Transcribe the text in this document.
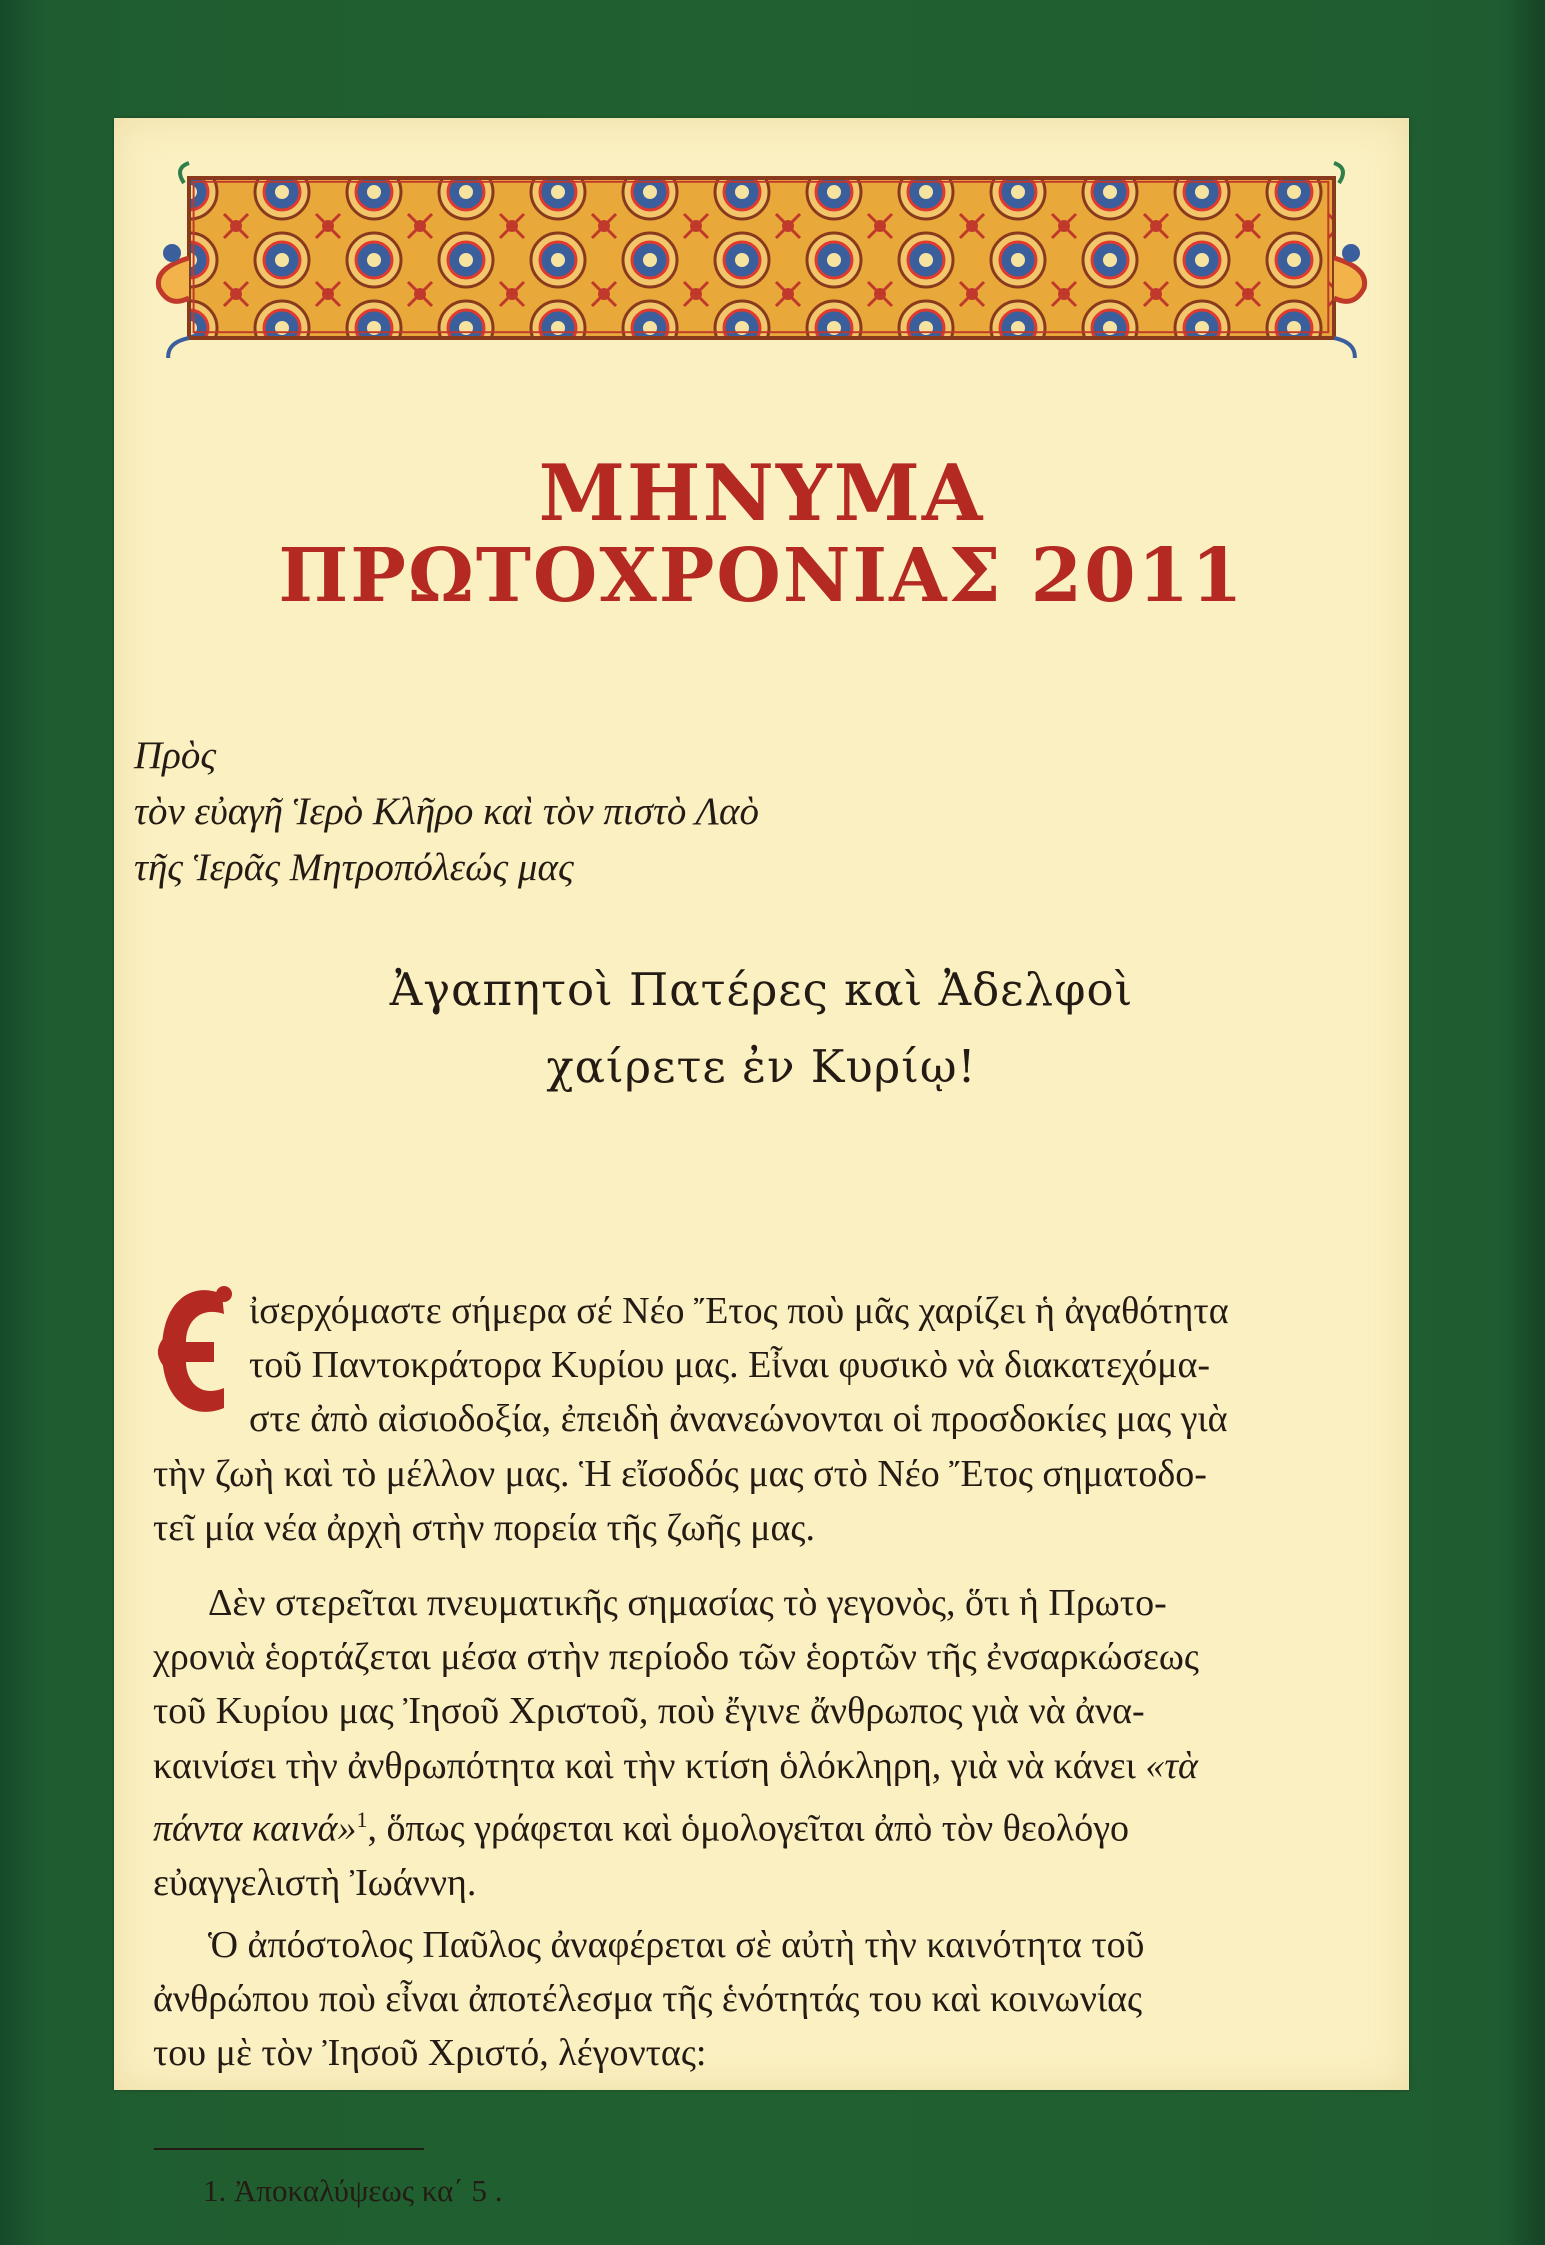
ΜΗΝΥΜΑ
ΠΡΩΤΟΧΡΟΝΙΑΣ 2011
Πρὸς
τὸν εὐαγῆ Ἱερὸ Κλῆρο καὶ τὸν πιστὸ Λαὸ
τῆς Ἱερᾶς Μητροπόλεώς μας
Ἀγαπητοὶ Πατέρες καὶ Ἀδελφοὶ
χαίρετε ἐν Κυρίῳ!
ἰσερχόμαστε σήμερα σέ Νέο Ἔτος ποὺ μᾶς χαρίζει ἡ ἀγαθότητα
τοῦ Παντοκράτορα Κυρίου μας. Εἶναι φυσικὸ νὰ διακατεχόμα-
στε ἀπὸ αἰσιοδοξία, ἐπειδὴ ἀνανεώνονται οἱ προσδοκίες μας γιὰ
τὴν ζωὴ καὶ τὸ μέλλον μας. Ἡ εἴσοδός μας στὸ Νέο Ἔτος σηματοδο-
τεῖ μία νέα ἀρχὴ στὴν πορεία τῆς ζωῆς μας.
Δὲν στερεῖται πνευματικῆς σημασίας τὸ γεγονὸς, ὅτι ἡ Πρωτο-
χρονιὰ ἑορτάζεται μέσα στὴν περίοδο τῶν ἑορτῶν τῆς ἐνσαρκώσεως
τοῦ Κυρίου μας Ἰησοῦ Χριστοῦ, ποὺ ἔγινε ἄνθρωπος γιὰ νὰ ἀνα-
καινίσει τὴν ἀνθρωπότητα καὶ τὴν κτίση ὁλόκληρη, γιὰ νὰ κάνει «τὰ
πάντα καινά»$^1$, ὅπως γράφεται καὶ ὁμολογεῖται ἀπὸ τὸν θεολόγο
εὐαγγελιστὴ Ἰωάννη.
Ὁ ἀπόστολος Παῦλος ἀναφέρεται σὲ αὐτὴ τὴν καινότητα τοῦ
ἀνθρώπου ποὺ εἶναι ἀποτέλεσμα τῆς ἑνότητάς του καὶ κοινωνίας
του μὲ τὸν Ἰησοῦ Χριστό, λέγοντας:
1. Ἀποκαλύψεως κα΄ 5 .
